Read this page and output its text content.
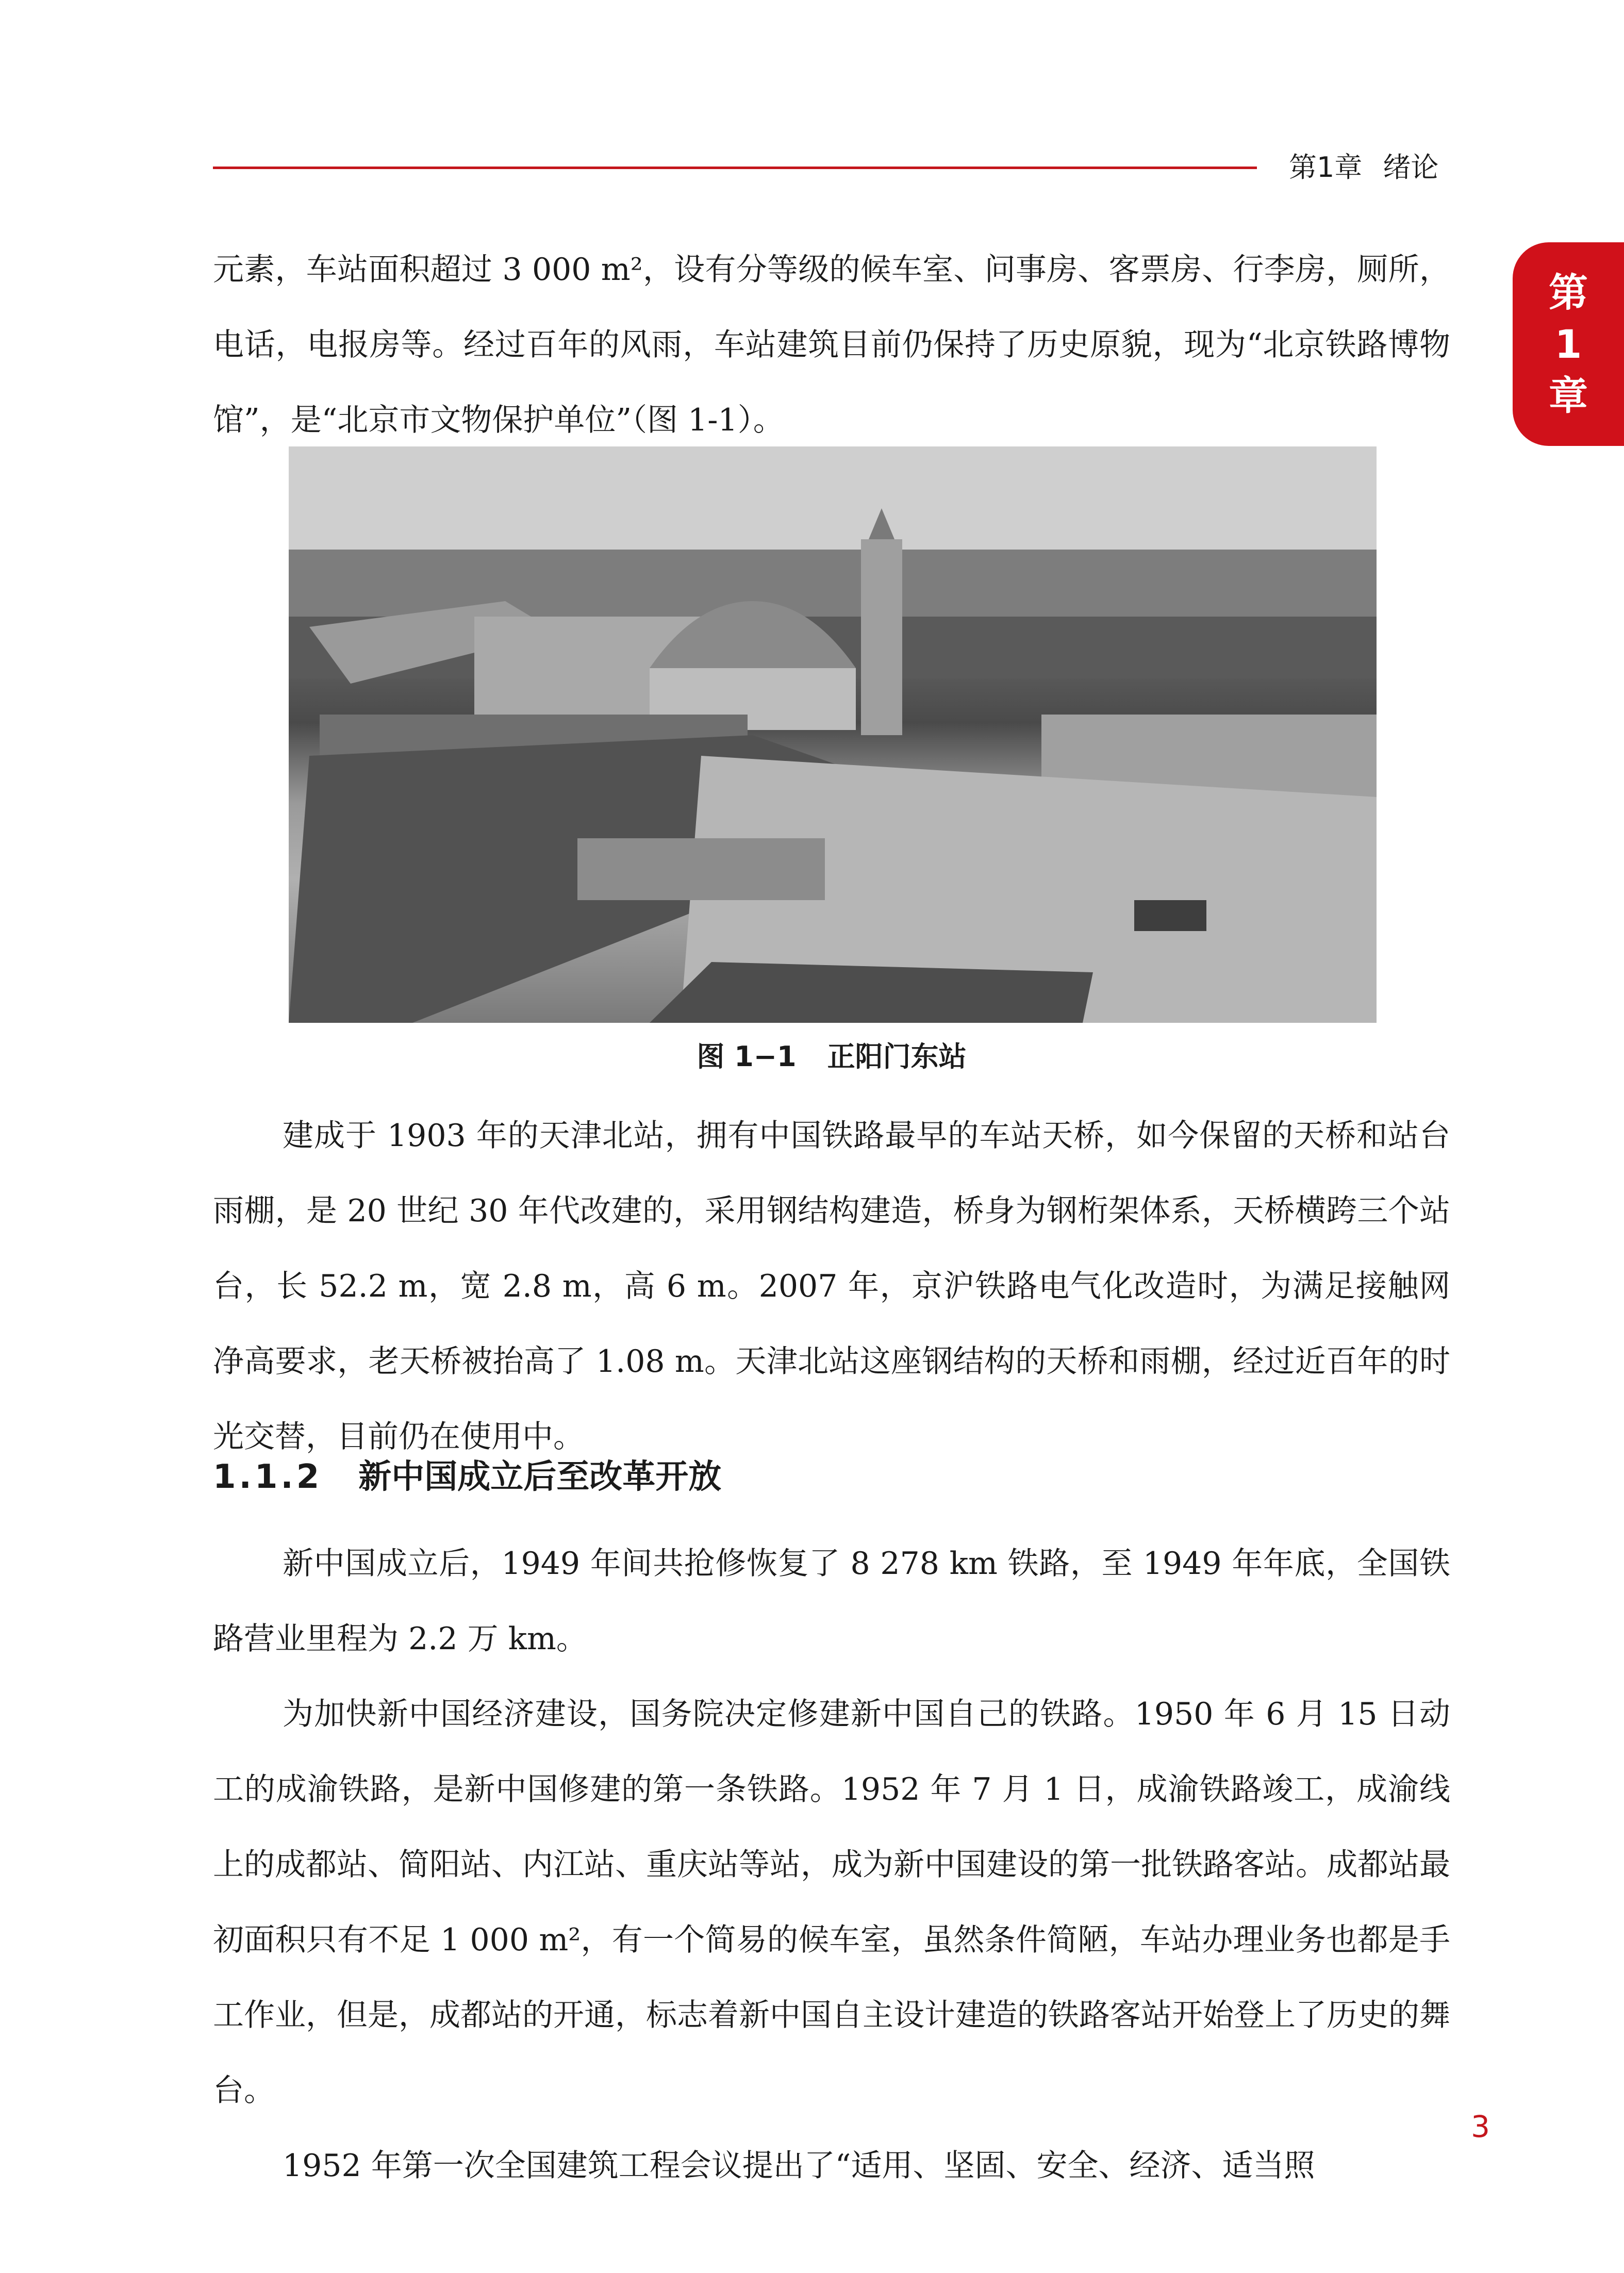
第1章 绪论
第
1
章

元素，车站面积超过 3 000 m²，设有分等级的候车室、问事房、客票房、行李房，厕所，电话，电报房等。经过百年的风雨，车站建筑目前仍保持了历史原貌，现为“北京铁路博物馆”，是“北京市文物保护单位”（图 1-1）。

图 1−1 正阳门东站

建成于 1903 年的天津北站，拥有中国铁路最早的车站天桥，如今保留的天桥和站台雨棚，是 20 世纪 30 年代改建的，采用钢结构建造，桥身为钢桁架体系，天桥横跨三个站台，长 52.2 m，宽 2.8 m，高 6 m。2007 年，京沪铁路电气化改造时，为满足接触网净高要求，老天桥被抬高了 1.08 m。天津北站这座钢结构的天桥和雨棚，经过近百年的时光交替，目前仍在使用中。

1.1.2 新中国成立后至改革开放

新中国成立后，1949 年间共抢修恢复了 8 278 km 铁路，至 1949 年年底，全国铁路营业里程为 2.2 万 km。

为加快新中国经济建设，国务院决定修建新中国自己的铁路。1950 年 6 月 15 日动工的成渝铁路，是新中国修建的第一条铁路。1952 年 7 月 1 日，成渝铁路竣工，成渝线上的成都站、简阳站、内江站、重庆站等站，成为新中国建设的第一批铁路客站。成都站最初面积只有不足 1 000 m²，有一个简易的候车室，虽然条件简陋，车站办理业务也都是手工作业，但是，成都站的开通，标志着新中国自主设计建造的铁路客站开始登上了历史的舞台。

1952 年第一次全国建筑工程会议提出了“适用、坚固、安全、经济、适当照

3
